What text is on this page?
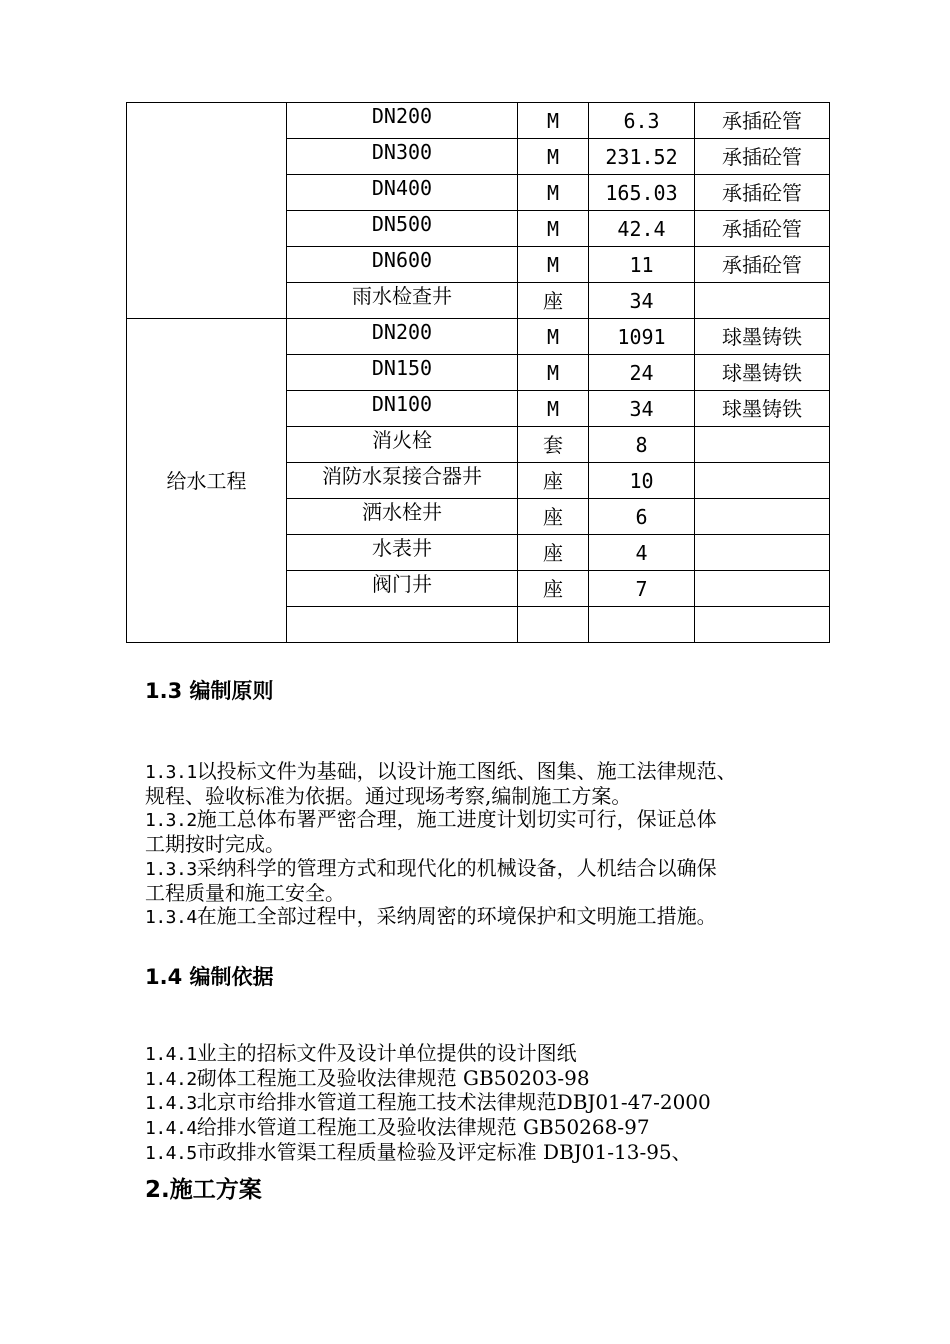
	DN200	M	6.3	承插砼管
	DN300	M	231.52	承插砼管
	DN400	M	165.03	承插砼管
	DN500	M	42.4	承插砼管
	DN600	M	11	承插砼管
	雨水检查井	座	34	
给水工程	DN200	M	1091	球墨铸铁
	DN150	M	24	球墨铸铁
	DN100	M	34	球墨铸铁
	消火栓	套	8	
	消防水泵接合器井	座	10	
	洒水栓井	座	6	
	水表井	座	4	
	阀门井	座	7	

1.3 编制原则
1.3.1以投标文件为基础，以设计施工图纸、图集、施工法律规范、
规程、验收标准为依据。通过现场考察,编制施工方案。
1.3.2施工总体布署严密合理，施工进度计划切实可行，保证总体
工期按时完成。
1.3.3采纳科学的管理方式和现代化的机械设备，人机结合以确保
工程质量和施工安全。
1.3.4在施工全部过程中，采纳周密的环境保护和文明施工措施。
1.4 编制依据
1.4.1业主的招标文件及设计单位提供的设计图纸
1.4.2砌体工程施工及验收法律规范 GB50203-98
1.4.3北京市给排水管道工程施工技术法律规范DBJ01-47-2000
1.4.4给排水管道工程施工及验收法律规范 GB50268-97
1.4.5市政排水管渠工程质量检验及评定标准 DBJ01-13-95、
2.施工方案
